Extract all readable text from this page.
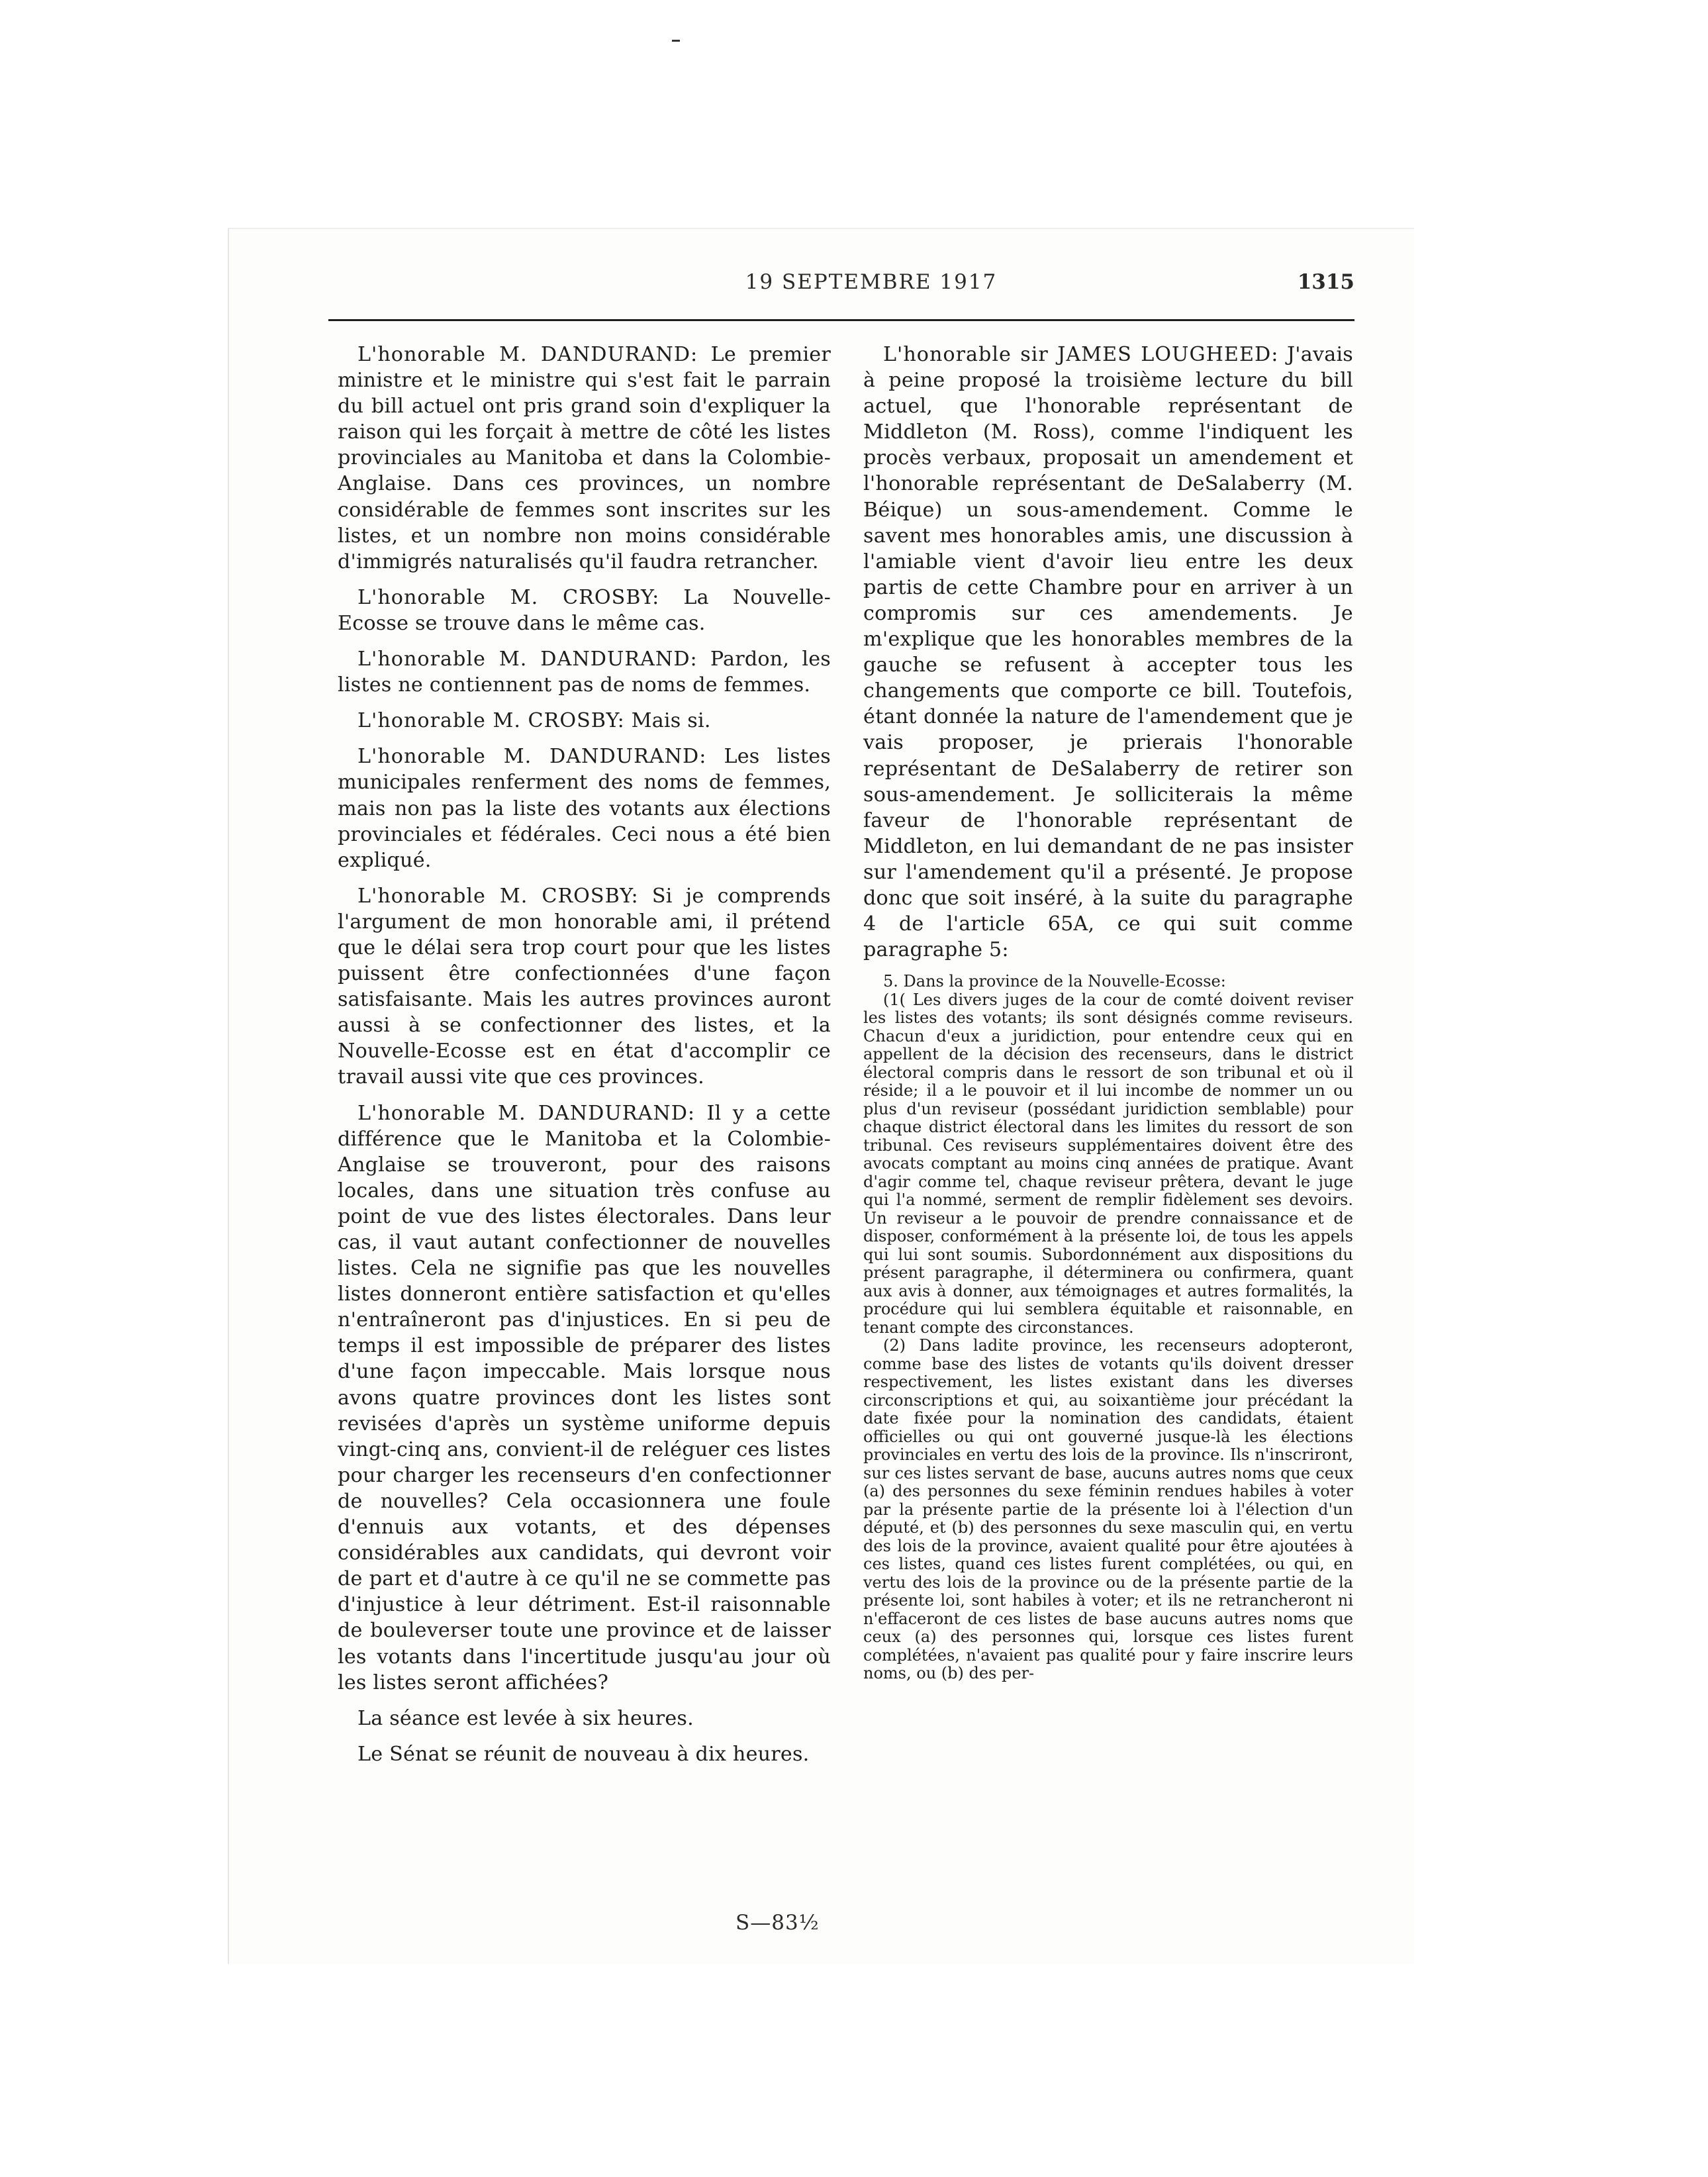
19 SEPTEMBRE 1917	1315

L'honorable M. DANDURAND: Le premier ministre et le ministre qui s'est fait le parrain du bill actuel ont pris grand soin d'expliquer la raison qui les forçait à mettre de côté les listes provinciales au Manitoba et dans la Colombie-Anglaise. Dans ces provinces, un nombre considérable de femmes sont inscrites sur les listes, et un nombre non moins considérable d'immigrés naturalisés qu'il faudra retrancher.

L'honorable M. CROSBY: La Nouvelle-Ecosse se trouve dans le même cas.

L'honorable M. DANDURAND: Pardon, les listes ne contiennent pas de noms de femmes.

L'honorable M. CROSBY: Mais si.

L'honorable M. DANDURAND: Les listes municipales renferment des noms de femmes, mais non pas la liste des votants aux élections provinciales et fédérales. Ceci nous a été bien expliqué.

L'honorable M. CROSBY: Si je comprends l'argument de mon honorable ami, il prétend que le délai sera trop court pour que les listes puissent être confectionnées d'une façon satisfaisante. Mais les autres provinces auront aussi à se confectionner des listes, et la Nouvelle-Ecosse est en état d'accomplir ce travail aussi vite que ces provinces.

L'honorable M. DANDURAND: Il y a cette différence que le Manitoba et la Colombie-Anglaise se trouveront, pour des raisons locales, dans une situation très confuse au point de vue des listes électorales. Dans leur cas, il vaut autant confectionner de nouvelles listes. Cela ne signifie pas que les nouvelles listes donneront entière satisfaction et qu'elles n'entraîneront pas d'injustices. En si peu de temps il est impossible de préparer des listes d'une façon impeccable. Mais lorsque nous avons quatre provinces dont les listes sont revisées d'après un système uniforme depuis vingt-cinq ans, convient-il de reléguer ces listes pour charger les recenseurs d'en confectionner de nouvelles? Cela occasionnera une foule d'ennuis aux votants, et des dépenses considérables aux candidats, qui devront voir de part et d'autre à ce qu'il ne se commette pas d'injustice à leur détriment. Est-il raisonnable de bouleverser toute une province et de laisser les votants dans l'incertitude jusqu'au jour où les listes seront affichées?

La séance est levée à six heures.

Le Sénat se réunit de nouveau à dix heures.

S—83½

L'honorable sir JAMES LOUGHEED: J'avais à peine proposé la troisième lecture du bill actuel, que l'honorable représentant de Middleton (M. Ross), comme l'indiquent les procès verbaux, proposait un amendement et l'honorable représentant de DeSalaberry (M. Béique) un sous-amendement. Comme le savent mes honorables amis, une discussion à l'amiable vient d'avoir lieu entre les deux partis de cette Chambre pour en arriver à un compromis sur ces amendements. Je m'explique que les honorables membres de la gauche se refusent à accepter tous les changements que comporte ce bill. Toutefois, étant donnée la nature de l'amendement que je vais proposer, je prierais l'honorable représentant de DeSalaberry de retirer son sous-amendement. Je solliciterais la même faveur de l'honorable représentant de Middleton, en lui demandant de ne pas insister sur l'amendement qu'il a présenté. Je propose donc que soit inséré, à la suite du paragraphe 4 de l'article 65A, ce qui suit comme paragraphe 5:

5. Dans la province de la Nouvelle-Ecosse:

(1( Les divers juges de la cour de comté doivent reviser les listes des votants; ils sont désignés comme reviseurs. Chacun d'eux a juridiction, pour entendre ceux qui en appellent de la décision des recenseurs, dans le district électoral compris dans le ressort de son tribunal et où il réside; il a le pouvoir et il lui incombe de nommer un ou plus d'un reviseur (possédant juridiction semblable) pour chaque district électoral dans les limites du ressort de son tribunal. Ces reviseurs supplémentaires doivent être des avocats comptant au moins cinq années de pratique. Avant d'agir comme tel, chaque reviseur prêtera, devant le juge qui l'a nommé, serment de remplir fidèlement ses devoirs. Un reviseur a le pouvoir de prendre connaissance et de disposer, conformément à la présente loi, de tous les appels qui lui sont soumis. Subordonnément aux dispositions du présent paragraphe, il déterminera ou confirmera, quant aux avis à donner, aux témoignages et autres formalités, la procédure qui lui semblera équitable et raisonnable, en tenant compte des circonstances.

(2) Dans ladite province, les recenseurs adopteront, comme base des listes de votants qu'ils doivent dresser respectivement, les listes existant dans les diverses circonscriptions et qui, au soixantième jour précédant la date fixée pour la nomination des candidats, étaient officielles ou qui ont gouverné jusque-là les élections provinciales en vertu des lois de la province. Ils n'inscriront, sur ces listes servant de base, aucuns autres noms que ceux (a) des personnes du sexe féminin rendues habiles à voter par la présente partie de la présente loi à l'élection d'un député, et (b) des personnes du sexe masculin qui, en vertu des lois de la province, avaient qualité pour être ajoutées à ces listes, quand ces listes furent complétées, ou qui, en vertu des lois de la province ou de la présente partie de la présente loi, sont habiles à voter; et ils ne retrancheront ni n'effaceront de ces listes de base aucuns autres noms que ceux (a) des personnes qui, lorsque ces listes furent complétées, n'avaient pas qualité pour y faire inscrire leurs noms, ou (b) des per-
